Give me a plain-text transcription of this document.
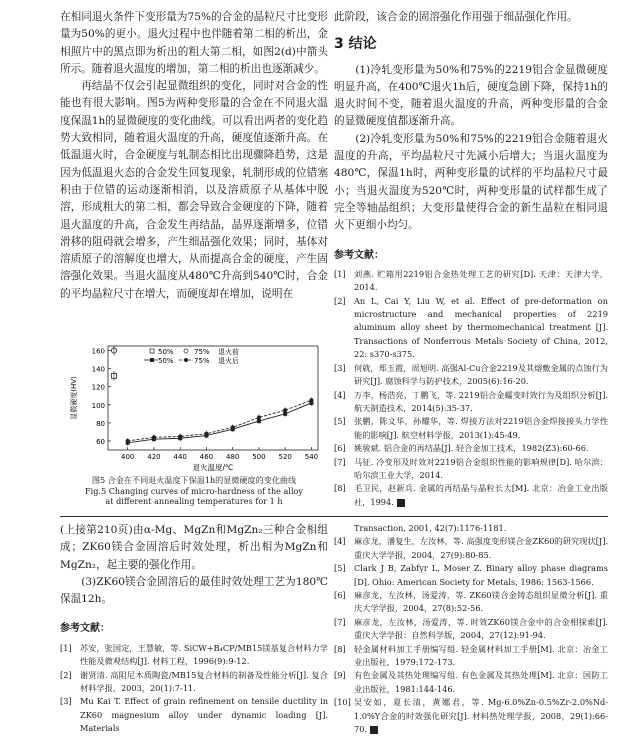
在相同退火条件下变形量为75%的合金的晶粒尺寸比变形量为50%的更小。退火过程中也伴随着第二相的析出，金相照片中的黑点即为析出的粗大第二相，如图2(d)中箭头所示。随着退火温度的增加，第二相的析出也逐渐减少。

再结晶不仅会引起显微组织的变化，同时对合金的性能也有很大影响。图5为两种变形量的合金在不同退火温度保温1h的显微硬度的变化曲线。可以看出两者的变化趋势大致相同，随着退火温度的升高，硬度值逐渐升高。在低温退火时，合金硬度与轧制态相比出现骤降趋势，这是因为低温退火态的合金发生回复现象，轧制形成的位错塞积由于位错的运动逐渐相消，以及溶质原子从基体中脱溶，形成粗大的第二相，都会导致合金硬度的下降，随着退火温度的升高，合金发生再结晶，晶界逐渐增多，位错滑移的阻碍就会增多，产生细晶强化效果；同时，基体对溶质原子的溶解度也增大，从而提高合金的硬度，产生固溶强化效果。当退火温度从480℃升高到540℃时，合金的平均晶粒尺寸在增大，而硬度却在增加，说明在

此阶段，该合金的固溶强化作用强于细晶强化作用。

3 结论

(1)冷轧变形量为50%和75%的2219铝合金显微硬度明显升高，在400℃退火1h后，硬度急剧下降，保持1h的退火时间不变，随着退火温度的升高，两种变形量的合金的显微硬度值都逐渐升高。

(2)冷轧变形量为50%和75%的2219铝合金随着退火温度的升高，平均晶粒尺寸先减小后增大；当退火温度为480℃，保温1h时，两种变形量的试样的平均晶粒尺寸最小；当退火温度为520℃时，两种变形量的试样都生成了完全等轴晶组织；大变形量使得合金的新生晶粒在相同退火下更细小均匀。

参考文献：
[1]	刘燕. 贮箱用2219铝合金热处理工艺的研究[D]. 天津：天津大学，2014.
[2]	An L, Cai Y, Liu W, et al. Effect of pre-deformation on microstructure and mechanical properties of 2219 aluminum alloy sheet by thermomechanical treatment [J]. Transactions of Nonferrous Metals Society of China, 2012, 22: s370-s375.
[3]	何就，郑玉霞，周旭明. 高强Al-Cu合金2219及其熔敷金属的点蚀行为研究[J]. 腐蚀科学与防护技术，2005(6):16-20.
[4]	万李，杨浩亮，丁鹏飞，等. 2219铝合金蠕变时效行为及组织分析[J]. 航天制造技术，2014(5):35-37.
[5]	张鹏，陈文华，孙耀华，等. 焊接方法对2219铝合金焊接接头力学性能的影响[J]. 航空材料学报，2013(1):45-49.
[6]	姚骏斌. 铝合金的再结晶[J]. 轻合金加工技术，1982(Z3):60-66.
[7]	马征. 冷变形及时效对2219铝合金组织性能的影响规律[D]. 哈尔滨：哈尔滨工业大学，2014.
[8]	毛卫民，赵新兵. 金属的再结晶与晶粒长大[M]. 北京：冶金工业出版社，1994.
60
80
100
120
140
160
400 420 440 460 480 500 520 540
退火温度/℃
显微硬度(HV)
50%	75% 退火前
50%	75% 退火后
图5 合金在不同退火温度下保温1h的显微硬度的变化曲线
Fig.5 Changing curves of micro-hardness of the alloy
at different annealing temperatures for 1 h

(上接第210页)由α-Mg、MgZn和MgZn₂三种合金相组成；ZK60镁合金固溶后时效处理，析出相为MgZn和MgZn₂，起主要的强化作用。

(3)ZK60镁合金固溶后的最佳时效处理工艺为180℃保温12h。

参考文献：
[1]	苏安，张国定，王慧敏，等. SiCW+B₄CP/MB15镁基复合材料力学性能及微观结构[J]. 材料工程，1996(9):9-12.
[2]	谢贤清. 高阻尼木质陶瓷/MB15复合材料的制备及性能分析[J]. 复合材料学报，2003，20(1):7-11.
[3]	Mu Kai T. Effect of grain refinement on tensile ductility in ZK60 magnesium alloy under dynamic loading [J]. Materials
Transaction, 2001, 42(7):1176-1181.
[4]	麻彦龙，潘复生，左汝林，等. 高强度变形镁合金ZK60的研究现状[J]. 重庆大学学报，2004，27(9):80-85.
[5]	Clark J B, Zabfyr L, Moser Z. Binary alloy phase diagrams [D]. Ohio: American Society for Metals, 1986: 1563-1566.
[6]	麻彦龙，左汝林，汤爱涛，等. ZK60镁合金铸态组织显微分析[J]. 重庆大学学报，2004，27(8):52-56.
[7]	麻彦龙，左汝林，汤爱涛，等. 时效ZK60镁合金中的合金相探索[J]. 重庆大学学报：自然科学版，2004，27(12):91-94.
[8]	轻金属材料加工手册编写组. 轻金属材料加工手册[M]. 北京：冶金工业出版社，1979:172-173.
[9]	有色金属及其热处理编写组. 有色金属及其热处理[M]. 北京：国防工业出版社，1981:144-146.
[10] 吴安如，夏长清，黄娜君，等. Mg-6.0%Zn-0.5%Zr-2.0%Nd-1.0%Y合金的时效强化研究[J]. 材料热处理学报，2008，29(1):66-70.
